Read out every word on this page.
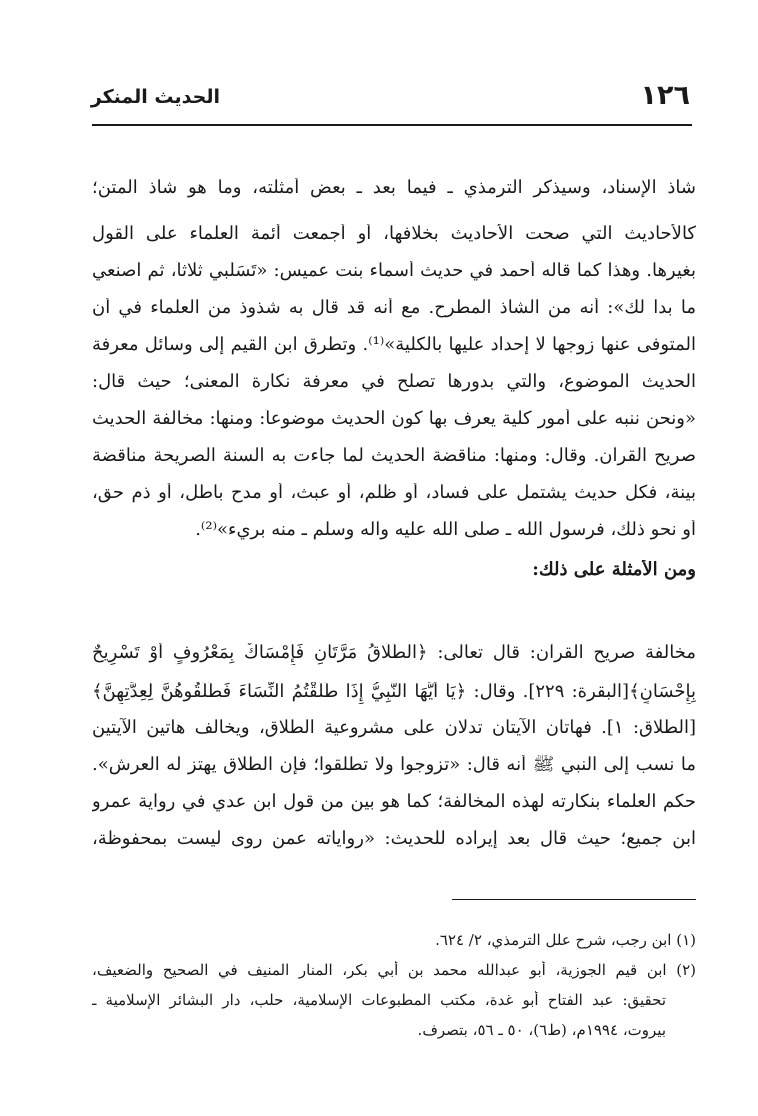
الحديث المنكر	١٢٦
شاذ الإسناد، وسيذكر الترمذي ـ فيما بعد ـ بعض أمثلته، وما هو شاذ المتن؛
كالأحاديث التي صحت الأحاديث بخلافها، أو أجمعت أئمة العلماء على القول
بغيرها. وهذا كما قاله أحمد في حديث أسماء بنت عميس: «تَسَلَّبي ثلاثاً، ثم اصنعي
ما بدا لك»: أنه من الشاذ المطرح. مع أنه قد قال به شذوذ من العلماء في أن
المتوفى عنها زوجها لا إحداد عليها بالكلية»⁽¹⁾. وتطرق ابن القيم إلى وسائل معرفة
الحديث الموضوع، والتي بدورها تصلح في معرفة نكارة المعنى؛ حيث قال:
«ونحن ننبه على أمور كلية يعرف بها كون الحديث موضوعاً: ومنها: مخالفة الحديث
صريح القرآن. وقال: ومنها: مناقضة الحديث لما جاءت به السنة الصريحة مناقضة
بينة، فكل حديث يشتمل على فساد، أو ظلم، أو عبث، أو مدح باطل، أو ذم حق،
أو نحو ذلك، فرسول الله ـ صلى الله عليه وآله وسلم ـ منه بريء»⁽²⁾.
ومن الأمثلة على ذلك:
مخالفة صريح القرآن: قال تعالى: ﴿الطَّلَاقُ مَرَّتَانِ فَإِمْسَاكٌ بِمَعْرُوفٍ أَوْ تَسْرِيحٌ
بِإِحْسَانٍ﴾[البقرة: ٢٢٩]. وقال: ﴿يَا أَيُّهَا النَّبِيُّ إِذَا طَلَّقْتُمُ النِّسَاءَ فَطَلِّقُوهُنَّ لِعِدَّتِهِنَّ﴾
[الطلاق: ١]. فهاتان الآيتان تدلان على مشروعية الطلاق، ويخالف هاتين الآيتين
ما نسب إلى النبي ﷺ أنه قال: «تزوجوا ولا تطلقوا؛ فإن الطلاق يهتز له العرش».
حكم العلماء بنكارته لهذه المخالفة؛ كما هو بين من قول ابن عدي في رواية عمرو
ابن جميع؛ حيث قال بعد إيراده للحديث: «رواياته عمن روى ليست بمحفوظة،
(١) ابن رجب، شرح علل الترمذي، ٢/ ٦٢٤.
(٢) ابن قيم الجوزية، أبو عبدالله محمد بن أبي بكر، المنار المنيف في الصحيح والضعيف،
تحقيق: عبد الفتاح أبو غدة، مكتب المطبوعات الإسلامية، حلب، دار البشائر الإسلامية ـ
بيروت، ١٩٩٤م، (ط٦)، ٥٠ ـ ٥٦، بتصرف.
